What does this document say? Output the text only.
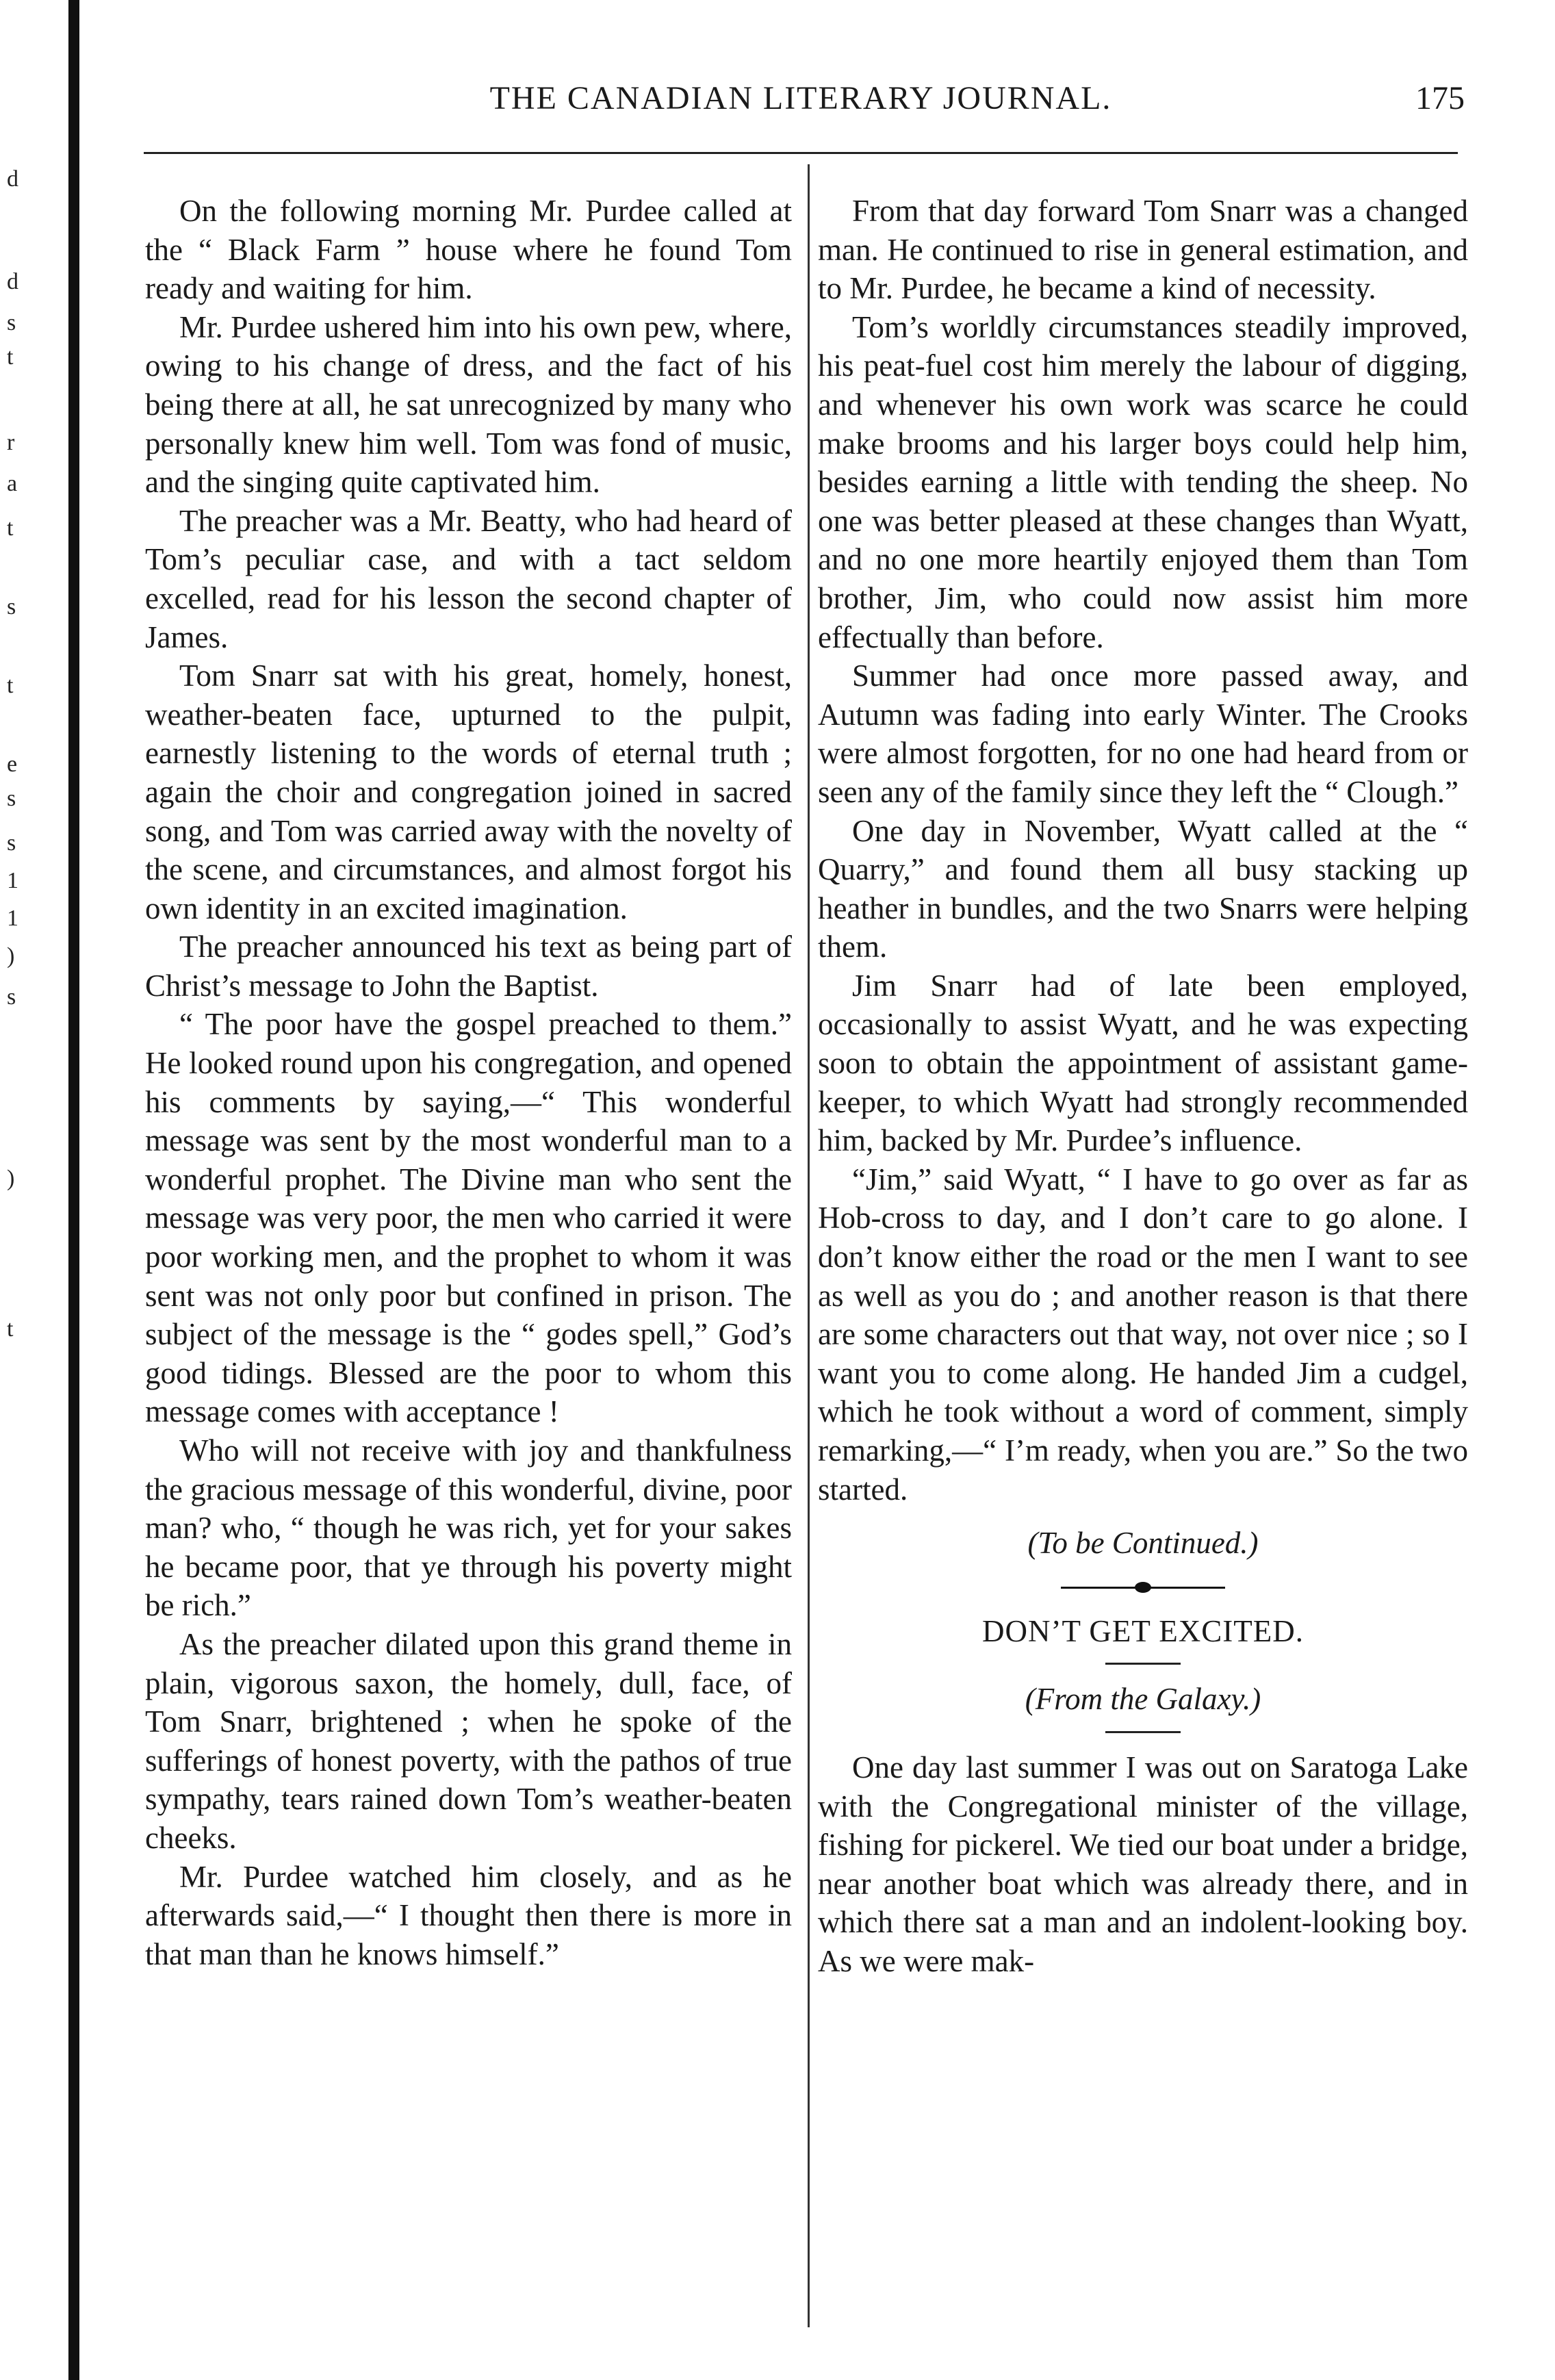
d
d
s
t
r
a
t
s
t
e
s
s
1
1
)
s
)
t
THE CANADIAN LITERARY JOURNAL.	175

On the following morning Mr. Purdee called at the “ Black Farm ” house where he found Tom ready and waiting for him.

Mr. Purdee ushered him into his own pew, where, owing to his change of dress, and the fact of his being there at all, he sat unrecognized by many who personally knew him well. Tom was fond of music, and the singing quite captivated him.

The preacher was a Mr. Beatty, who had heard of Tom’s peculiar case, and with a tact seldom excelled, read for his lesson the second chapter of James.

Tom Snarr sat with his great, homely, honest, weather-beaten face, upturned to the pulpit, earnestly listening to the words of eternal truth ; again the choir and congregation joined in sacred song, and Tom was carried away with the novelty of the scene, and circumstances, and almost forgot his own identity in an excited imagination.

The preacher announced his text as being part of Christ’s message to John the Baptist.

“ The poor have the gospel preached to them.” He looked round upon his congregation, and opened his comments by saying,—“ This wonderful message was sent by the most wonderful man to a wonderful prophet. The Divine man who sent the message was very poor, the men who carried it were poor working men, and the prophet to whom it was sent was not only poor but confined in prison. The subject of the message is the “ godes spell,” God’s good tidings. Blessed are the poor to whom this message comes with acceptance !

Who will not receive with joy and thankfulness the gracious message of this wonderful, divine, poor man? who, “ though he was rich, yet for your sakes he became poor, that ye through his poverty might be rich.”

As the preacher dilated upon this grand theme in plain, vigorous saxon, the homely, dull, face, of Tom Snarr, brightened ; when he spoke of the sufferings of honest poverty, with the pathos of true sympathy, tears rained down Tom’s weather-beaten cheeks.

Mr. Purdee watched him closely, and as he afterwards said,—“ I thought then there is more in that man than he knows himself.”

From that day forward Tom Snarr was a changed man. He continued to rise in general estimation, and to Mr. Purdee, he became a kind of necessity.

Tom’s worldly circumstances steadily improved, his peat-fuel cost him merely the labour of digging, and whenever his own work was scarce he could make brooms and his larger boys could help him, besides earning a little with tending the sheep. No one was better pleased at these changes than Wyatt, and no one more heartily enjoyed them than Tom brother, Jim, who could now assist him more effectually than before.

Summer had once more passed away, and Autumn was fading into early Winter. The Crooks were almost forgotten, for no one had heard from or seen any of the family since they left the “ Clough.”

One day in November, Wyatt called at the “ Quarry,” and found them all busy stacking up heather in bundles, and the two Snarrs were helping them.

Jim Snarr had of late been employed, occasionally to assist Wyatt, and he was expecting soon to obtain the appointment of assistant game-keeper, to which Wyatt had strongly recommended him, backed by Mr. Purdee’s influence.

“Jim,” said Wyatt, “ I have to go over as far as Hob-cross to day, and I don’t care to go alone. I don’t know either the road or the men I want to see as well as you do ; and another reason is that there are some characters out that way, not over nice ; so I want you to come along. He handed Jim a cudgel, which he took without a word of comment, simply remarking,—“ I’m ready, when you are.” So the two started.

(To be Continued.)

DON’T GET EXCITED.

(From the Galaxy.)

One day last summer I was out on Saratoga Lake with the Congregational minister of the village, fishing for pickerel. We tied our boat under a bridge, near another boat which was already there, and in which there sat a man and an indolent-looking boy. As we were mak-
